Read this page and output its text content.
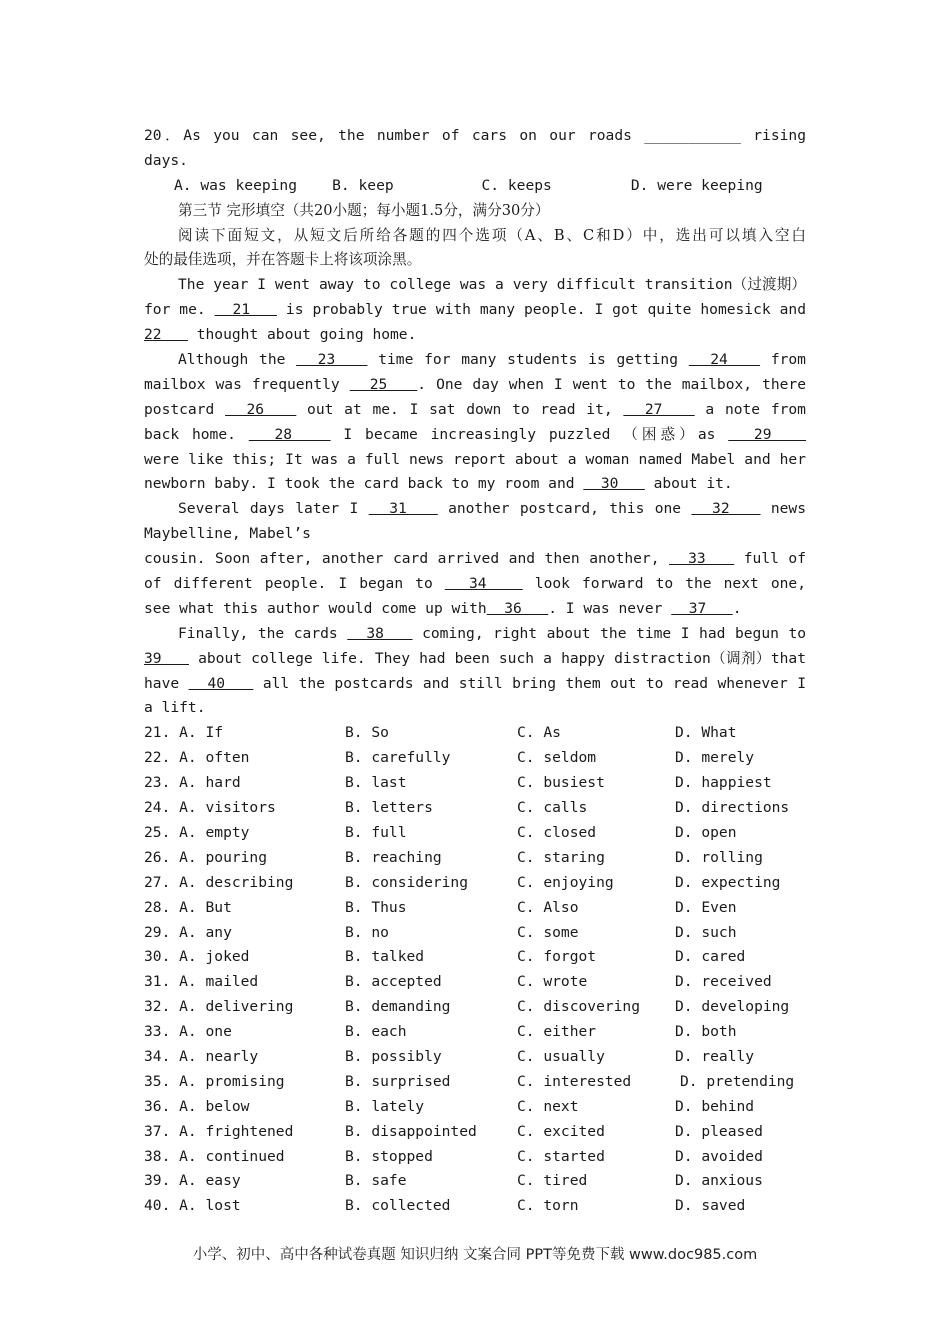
20．As you can see, the number of cars on our roads ___________ rising
days.
A. was keeping    B. keep          C. keeps         D. were keeping
第三节 完形填空（共20小题；每小题1.5分，满分30分）
阅读下面短文，从短文后所给各题的四个选项（A、B、C和D）中，选出可以填入空白
处的最佳选项，并在答题卡上将该项涂黑。
The year I went away to college was a very difficult transition（过渡期）
for me.   21    is probably true with many people. I got quite homesick and
22    thought about going home.
Although the   23    time for many students is getting   24    from
mailbox was frequently   25   . One day when I went to the mailbox, there
postcard   26    out at me. I sat down to read it,   27    a note from
back home.   28    I became increasingly puzzled （困惑）as   29
were like this; It was a full news report about a woman named Mabel and her
newborn baby. I took the card back to my room and   30    about it.
Several days later I   31    another postcard, this one   32    news
Maybelline, Mabel’s
cousin. Soon after, another card arrived and then another,   33    full of
of different people. I began to   34    look forward to the next one,
see what this author would come up with  36   . I was never   37   .
Finally, the cards   38    coming, right about the time I had begun to
39    about college life. They had been such a happy distraction（调剂）that
have   40    all the postcards and still bring them out to read whenever I
a lift.
21. A. If	B. So	C. As	D. What
22. A. often	B. carefully	C. seldom	D. merely
23. A. hard	B. last	C. busiest	D. happiest
24. A. visitors	B. letters	C. calls	D. directions
25. A. empty	B. full	C. closed	D. open
26. A. pouring	B. reaching	C. staring	D. rolling
27. A. describing	B. considering	C. enjoying	D. expecting
28. A. But	B. Thus	C. Also	D. Even
29. A. any	B. no	C. some	D. such
30. A. joked	B. talked	C. forgot	D. cared
31. A. mailed	B. accepted	C. wrote	D. received
32. A. delivering	B. demanding	C. discovering D. developing
33. A. one	B. each	C. either	D. both
34. A. nearly	B. possibly	C. usually	D. really
35. A. promising	B. surprised	C. interested	D. pretending
36. A. below	B. lately	C. next	D. behind
37. A. frightened	B. disappointed	C. excited	D. pleased
38. A. continued	B. stopped	C. started	D. avoided
39. A. easy	B. safe	C. tired	D. anxious
40. A. lost	B. collected	C. torn	D. saved
小学、初中、高中各种试卷真题 知识归纳 文案合同 PPT等免费下载 www.doc985.com
